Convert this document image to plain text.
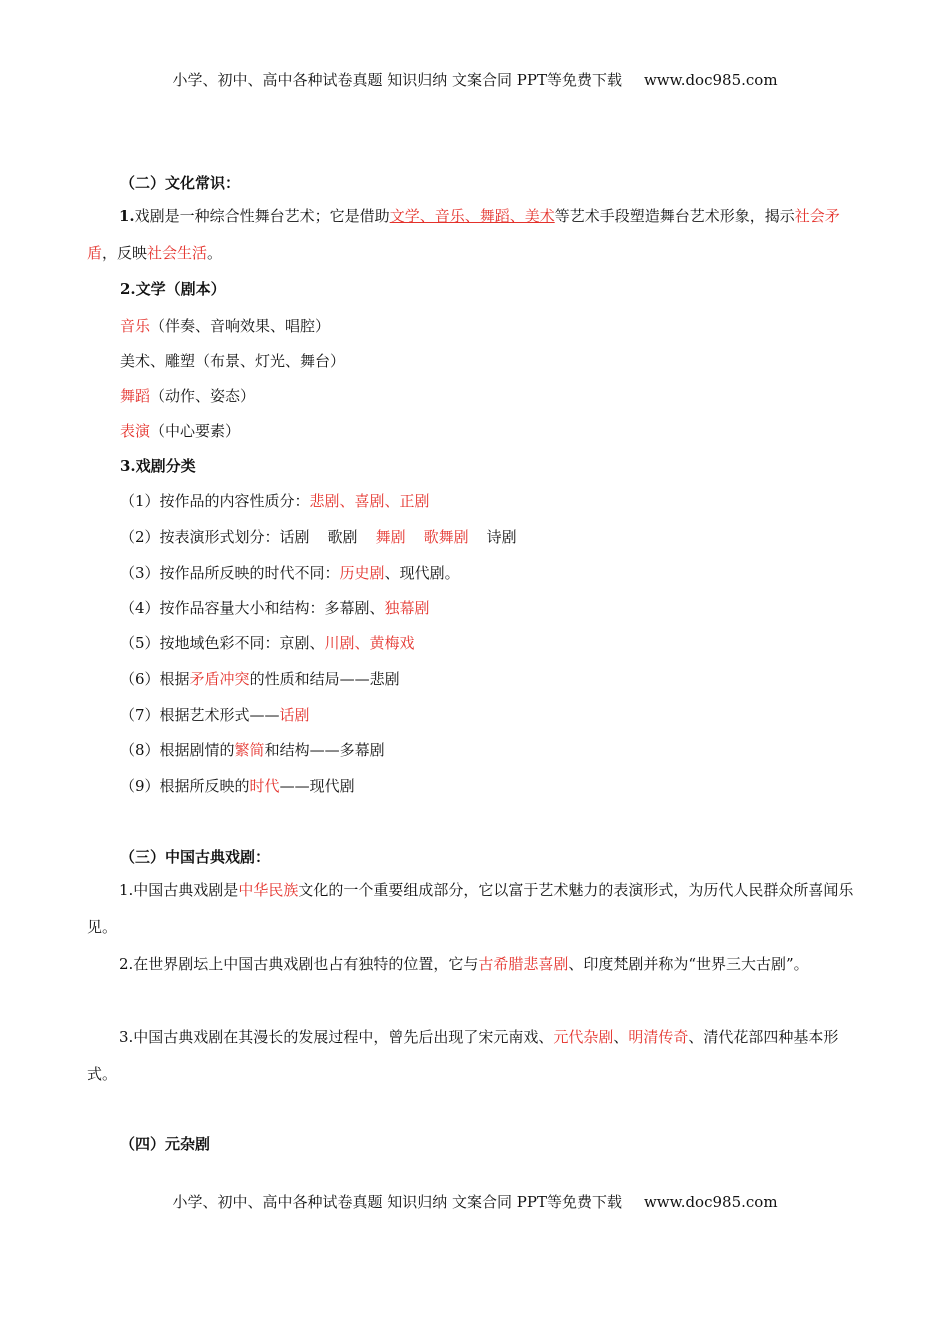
小学、初中、高中各种试卷真题 知识归纳 文案合同 PPT等免费下载 www.doc985.com
（二）文化常识：
1.戏剧是一种综合性舞台艺术；它是借助文学、音乐、舞蹈、美术等艺术手段塑造舞台艺术形象，揭示社会矛盾，反映社会生活。
2.文学（剧本）
音乐（伴奏、音响效果、唱腔）
美术、雕塑（布景、灯光、舞台）
舞蹈（动作、姿态）
表演（中心要素）
3.戏剧分类
（1）按作品的内容性质分：悲剧、喜剧、正剧
（2）按表演形式划分：话剧 歌剧 舞剧 歌舞剧 诗剧
（3）按作品所反映的时代不同：历史剧、现代剧。
（4）按作品容量大小和结构：多幕剧、独幕剧
（5）按地域色彩不同：京剧、川剧、黄梅戏
（6）根据矛盾冲突的性质和结局——悲剧
（7）根据艺术形式——话剧
（8）根据剧情的繁简和结构——多幕剧
（9）根据所反映的时代——现代剧
（三）中国古典戏剧：
1.中国古典戏剧是中华民族文化的一个重要组成部分，它以富于艺术魅力的表演形式，为历代人民群众所喜闻乐见。
2.在世界剧坛上中国古典戏剧也占有独特的位置，它与古希腊悲喜剧、印度梵剧并称为“世界三大古剧”。
3.中国古典戏剧在其漫长的发展过程中，曾先后出现了宋元南戏、元代杂剧、明清传奇、清代花部四种基本形式。
（四）元杂剧
小学、初中、高中各种试卷真题 知识归纳 文案合同 PPT等免费下载 www.doc985.com
